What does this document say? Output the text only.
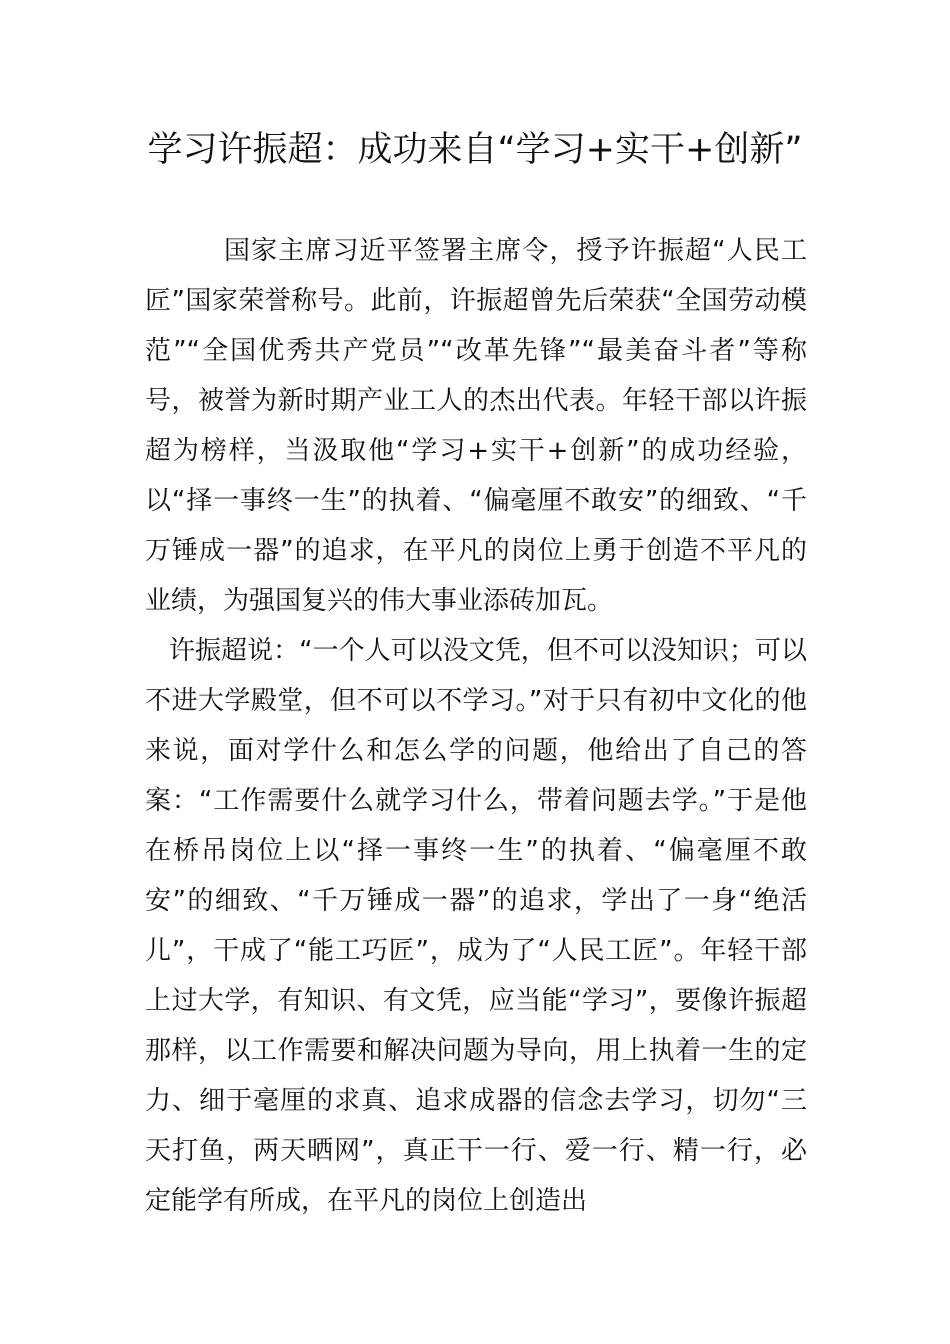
学习许振超：成功来自“学习+实干+创新”

国家主席习近平签署主席令，授予许振超“人民工匠”国家荣誉称号。此前，许振超曾先后荣获“全国劳动模范”“全国优秀共产党员”“改革先锋”“最美奋斗者”等称号，被誉为新时期产业工人的杰出代表。年轻干部以许振超为榜样，当汲取他“学习+实干+创新”的成功经验，以“择一事终一生”的执着、“偏毫厘不敢安”的细致、“千万锤成一器”的追求，在平凡的岗位上勇于创造不平凡的业绩，为强国复兴的伟大事业添砖加瓦。

许振超说：“一个人可以没文凭，但不可以没知识；可以不进大学殿堂，但不可以不学习。”对于只有初中文化的他来说，面对学什么和怎么学的问题，他给出了自己的答案：“工作需要什么就学习什么，带着问题去学。”于是他在桥吊岗位上以“择一事终一生”的执着、“偏毫厘不敢安”的细致、“千万锤成一器”的追求，学出了一身“绝活儿”，干成了“能工巧匠”，成为了“人民工匠”。年轻干部上过大学，有知识、有文凭，应当能“学习”，要像许振超那样，以工作需要和解决问题为导向，用上执着一生的定力、细于毫厘的求真、追求成器的信念去学习，切勿“三天打鱼，两天晒网”，真正干一行、爱一行、精一行，必定能学有所成，在平凡的岗位上创造出
